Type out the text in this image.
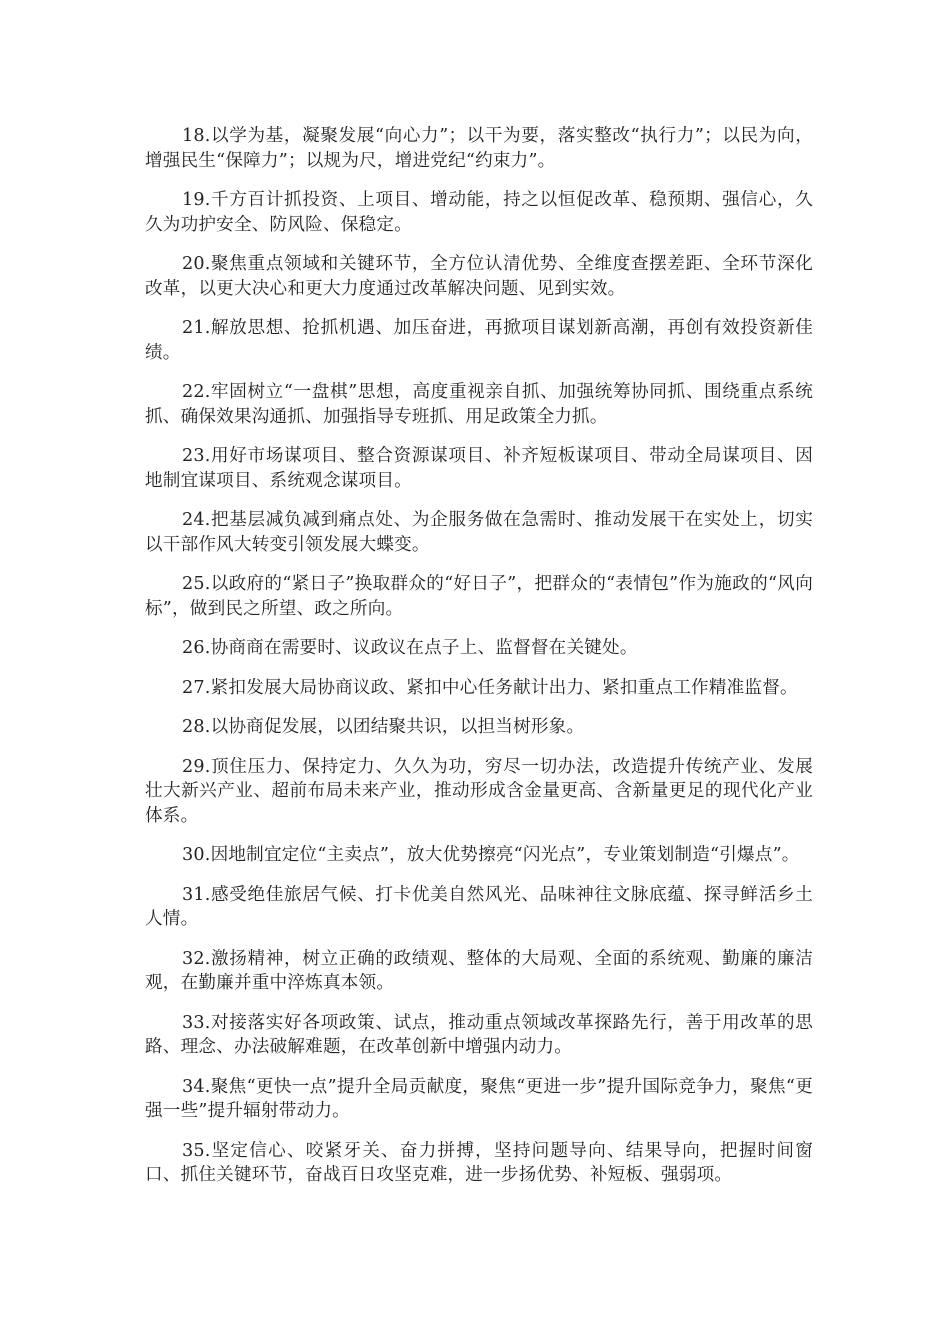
18.以学为基，凝聚发展“向心力”；以干为要，落实整改“执行力”；以民为向，增强民生“保障力”；以规为尺，增进党纪“约束力”。

19.千方百计抓投资、上项目、增动能，持之以恒促改革、稳预期、强信心，久久为功护安全、防风险、保稳定。

20.聚焦重点领域和关键环节，全方位认清优势、全维度查摆差距、全环节深化改革，以更大决心和更大力度通过改革解决问题、见到实效。

21.解放思想、抢抓机遇、加压奋进，再掀项目谋划新高潮，再创有效投资新佳绩。

22.牢固树立“一盘棋”思想，高度重视亲自抓、加强统筹协同抓、围绕重点系统抓、确保效果沟通抓、加强指导专班抓、用足政策全力抓。

23.用好市场谋项目、整合资源谋项目、补齐短板谋项目、带动全局谋项目、因地制宜谋项目、系统观念谋项目。

24.把基层减负减到痛点处、为企服务做在急需时、推动发展干在实处上，切实以干部作风大转变引领发展大蝶变。

25.以政府的“紧日子”换取群众的“好日子”，把群众的“表情包”作为施政的“风向标”，做到民之所望、政之所向。

26.协商商在需要时、议政议在点子上、监督督在关键处。

27.紧扣发展大局协商议政、紧扣中心任务献计出力、紧扣重点工作精准监督。

28.以协商促发展，以团结聚共识，以担当树形象。

29.顶住压力、保持定力、久久为功，穷尽一切办法，改造提升传统产业、发展壮大新兴产业、超前布局未来产业，推动形成含金量更高、含新量更足的现代化产业体系。

30.因地制宜定位“主卖点”，放大优势擦亮“闪光点”，专业策划制造“引爆点”。

31.感受绝佳旅居气候、打卡优美自然风光、品味神往文脉底蕴、探寻鲜活乡土人情。

32.激扬精神，树立正确的政绩观、整体的大局观、全面的系统观、勤廉的廉洁观，在勤廉并重中淬炼真本领。

33.对接落实好各项政策、试点，推动重点领域改革探路先行，善于用改革的思路、理念、办法破解难题，在改革创新中增强内动力。

34.聚焦“更快一点”提升全局贡献度，聚焦“更进一步”提升国际竞争力，聚焦“更强一些”提升辐射带动力。

35.坚定信心、咬紧牙关、奋力拼搏，坚持问题导向、结果导向，把握时间窗口、抓住关键环节，奋战百日攻坚克难，进一步扬优势、补短板、强弱项。
